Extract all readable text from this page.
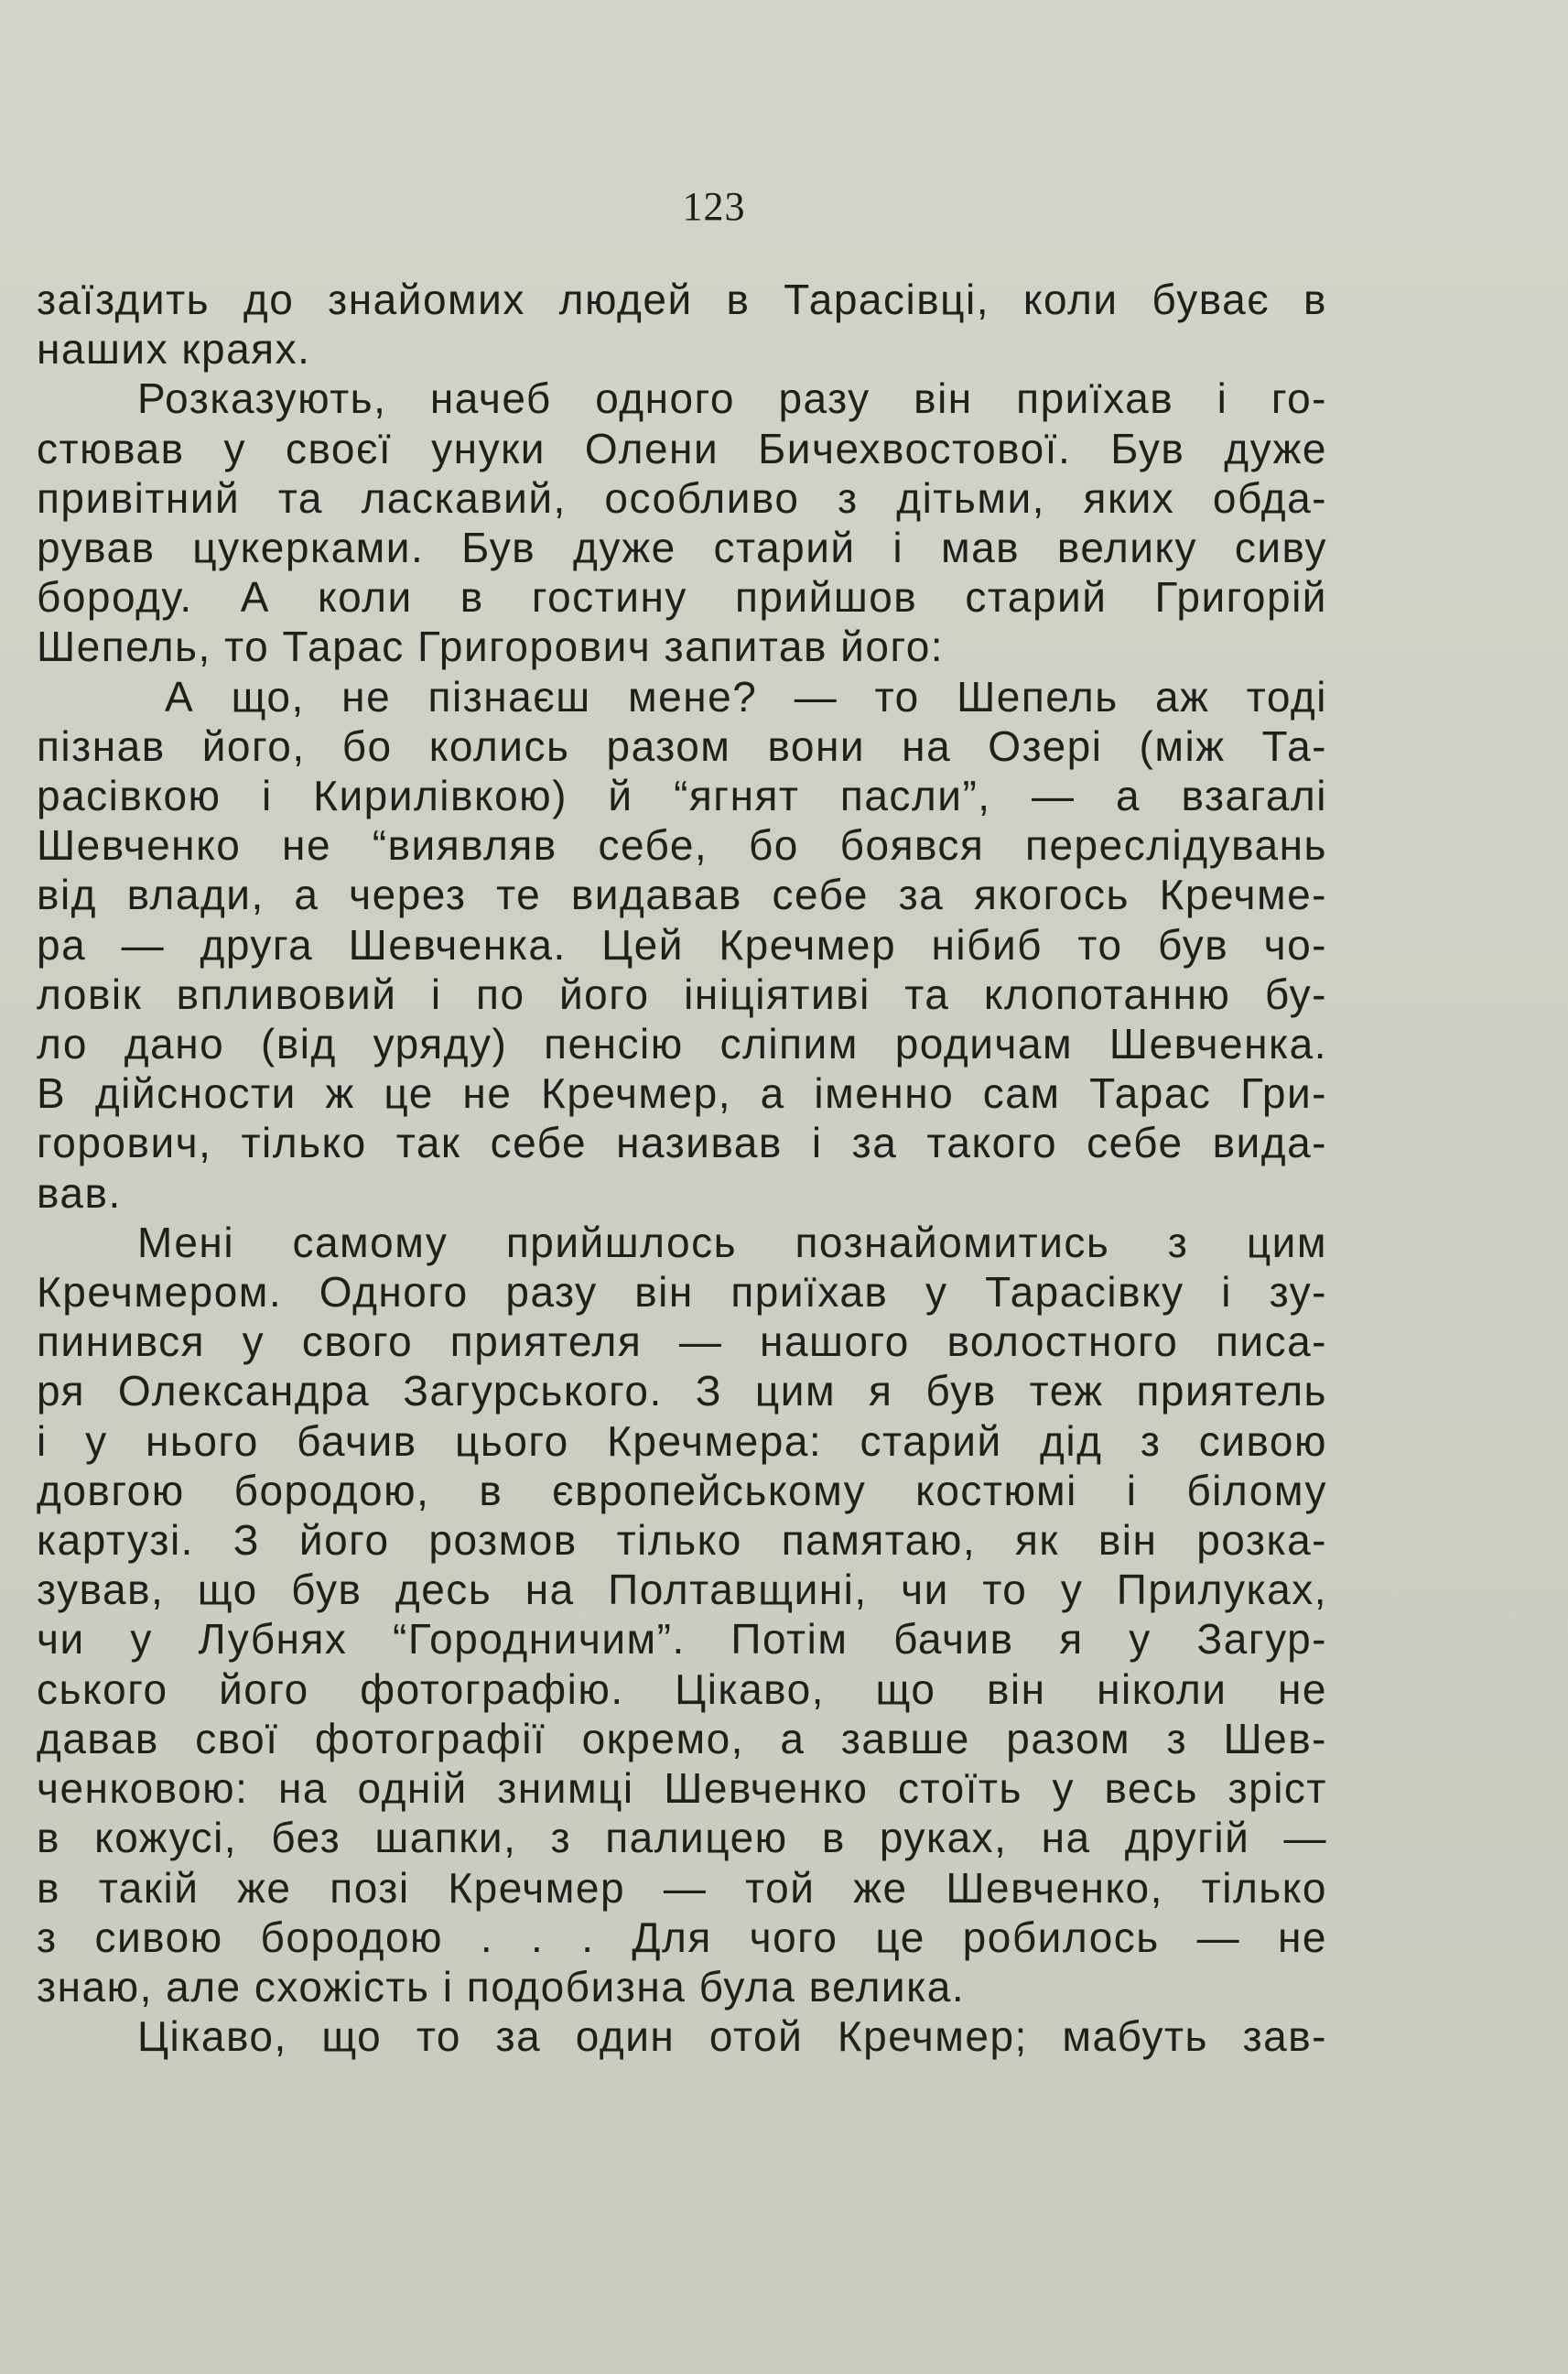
123
заїздить до знайомих людей в Тарасівці, коли буває в
наших краях.
Розказують, начеб одного разу він приїхав і го-
стював у своєї унуки Олени Бичехвостової. Був дуже
привітний та ласкавий, особливо з дітьми, яких обда-
рував цукерками. Був дуже старий і мав велику сиву
бороду. А коли в гостину прийшов старий Григорій
Шепель, то Тарас Григорович запитав його:
А що, не пізнаєш мене? — то Шепель аж тоді
пізнав його, бо колись разом вони на Озері (між Та-
расівкою і Кирилівкою) й “ягнят пасли”, — а взагалі
Шевченко не “виявляв себе, бо боявся переслідувань
від влади, а через те видавав себе за якогось Кречме-
ра — друга Шевченка. Цей Кречмер нібиб то був чо-
ловік впливовий і по його ініціятиві та клопотанню бу-
ло дано (від уряду) пенсію сліпим родичам Шевченка.
В дійсности ж це не Кречмер, а іменно сам Тарас Гри-
горович, тілько так себе називав і за такого себе вида-
вав.
Мені самому прийшлось познайомитись з цим
Кречмером. Одного разу він приїхав у Тарасівку і зу-
пинився у свого приятеля — нашого волостного писа-
ря Олександра Загурського. З цим я був теж приятель
і у нього бачив цього Кречмера: старий дід з сивою
довгою бородою, в європейському костюмі і білому
картузі. З його розмов тілько памятаю, як він розка-
зував, що був десь на Полтавщині, чи то у Прилуках,
чи у Лубнях “Городничим”. Потім бачив я у Загур-
ського його фотографію. Цікаво, що він ніколи не
давав свої фотографії окремо, а завше разом з Шев-
ченковою: на одній знимці Шевченко стоїть у весь зріст
в кожусі, без шапки, з палицею в руках, на другій —
в такій же позі Кречмер — той же Шевченко, тілько
з сивою бородою . . . Для чого це робилось — не
знаю, але схожість і подобизна була велика.
Цікаво, що то за один отой Кречмер; мабуть зав-
